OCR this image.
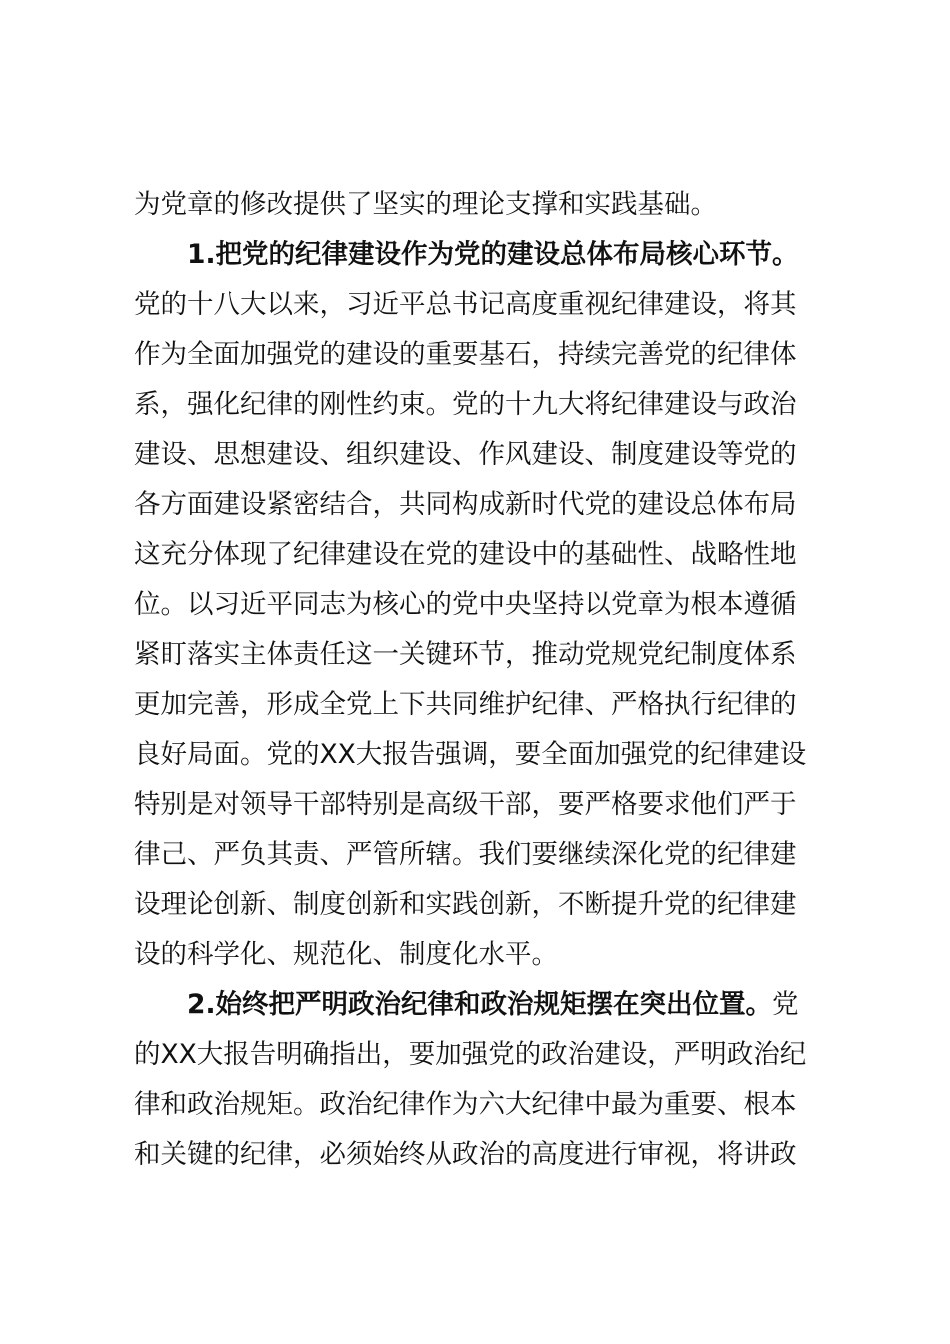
为党章的修改提供了坚实的理论支撑和实践基础。
1.把党的纪律建设作为党的建设总体布局核心环节。
党的十八大以来，习近平总书记高度重视纪律建设，将其
作为全面加强党的建设的重要基石，持续完善党的纪律体
系，强化纪律的刚性约束。党的十九大将纪律建设与政治
建设、思想建设、组织建设、作风建设、制度建设等党的
各方面建设紧密结合，共同构成新时代党的建设总体布局
这充分体现了纪律建设在党的建设中的基础性、战略性地
位。以习近平同志为核心的党中央坚持以党章为根本遵循
紧盯落实主体责任这一关键环节，推动党规党纪制度体系
更加完善，形成全党上下共同维护纪律、严格执行纪律的
良好局面。党的XX大报告强调，要全面加强党的纪律建设
特别是对领导干部特别是高级干部，要严格要求他们严于
律己、严负其责、严管所辖。我们要继续深化党的纪律建
设理论创新、制度创新和实践创新，不断提升党的纪律建
设的科学化、规范化、制度化水平。
2.始终把严明政治纪律和政治规矩摆在突出位置。党
的XX大报告明确指出，要加强党的政治建设，严明政治纪
律和政治规矩。政治纪律作为六大纪律中最为重要、根本
和关键的纪律，必须始终从政治的高度进行审视，将讲政
